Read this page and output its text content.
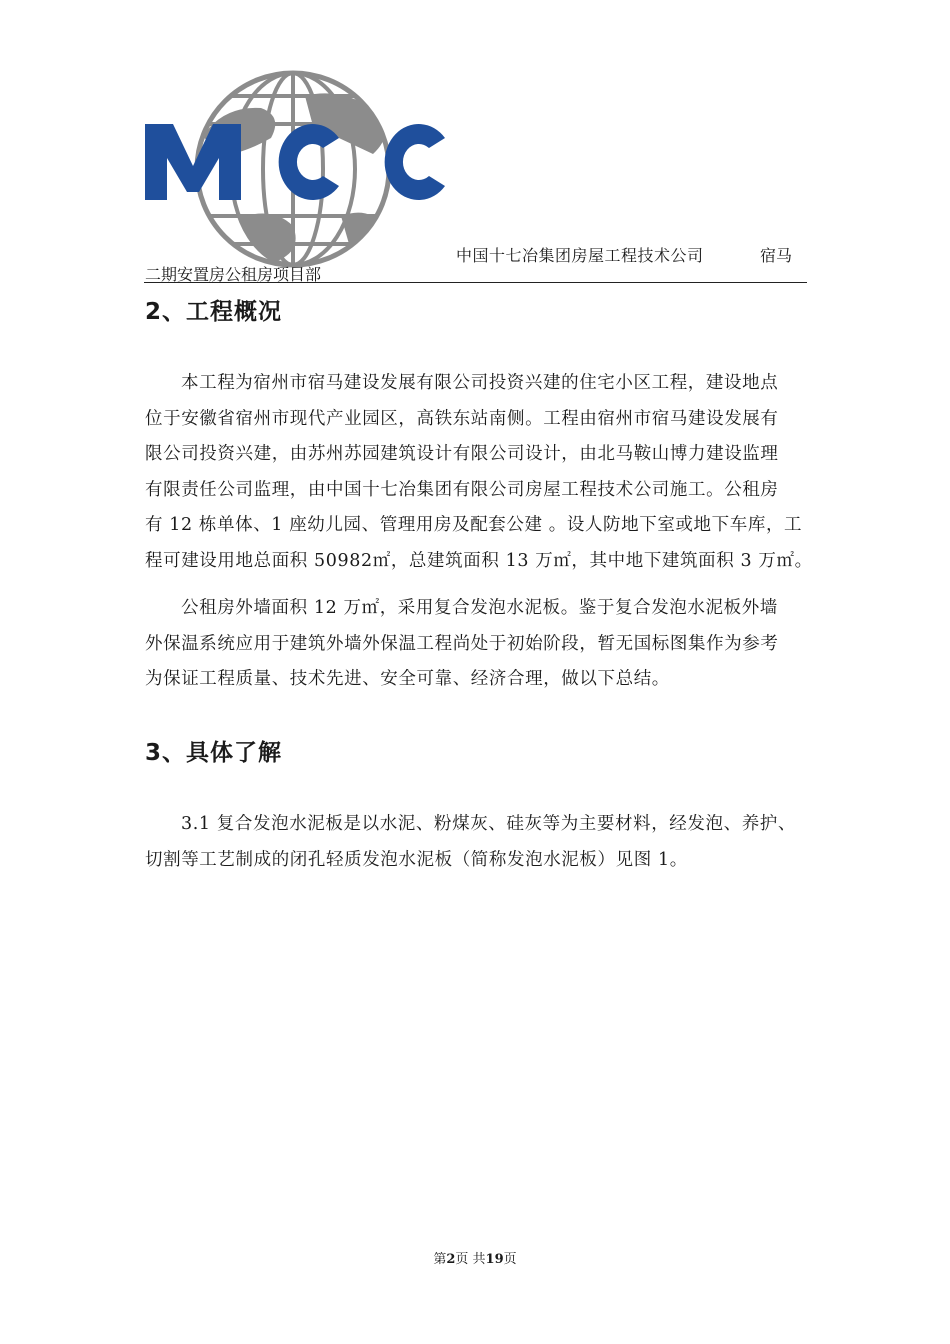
中国十七冶集团房屋工程技术公司	宿马
二期安置房公租房项目部
2、工程概况
本工程为宿州市宿马建设发展有限公司投资兴建的住宅小区工程，建设地点
位于安徽省宿州市现代产业园区，高铁东站南侧。工程由宿州市宿马建设发展有
限公司投资兴建，由苏州苏园建筑设计有限公司设计，由北马鞍山博力建设监理
有限责任公司监理，由中国十七冶集团有限公司房屋工程技术公司施工。公租房
有 12 栋单体、1 座幼儿园、管理用房及配套公建 。设人防地下室或地下车库，工
程可建设用地总面积 50982㎡，总建筑面积 13 万㎡，其中地下建筑面积 3 万㎡。
公租房外墙面积 12 万㎡，采用复合发泡水泥板。鉴于复合发泡水泥板外墙
外保温系统应用于建筑外墙外保温工程尚处于初始阶段，暂无国标图集作为参考
为保证工程质量、技术先进、安全可靠、经济合理，做以下总结。
3、具体了解
3.1 复合发泡水泥板是以水泥、粉煤灰、硅灰等为主要材料，经发泡、养护、
切割等工艺制成的闭孔轻质发泡水泥板（简称发泡水泥板）见图 1。
第2页 共19页
